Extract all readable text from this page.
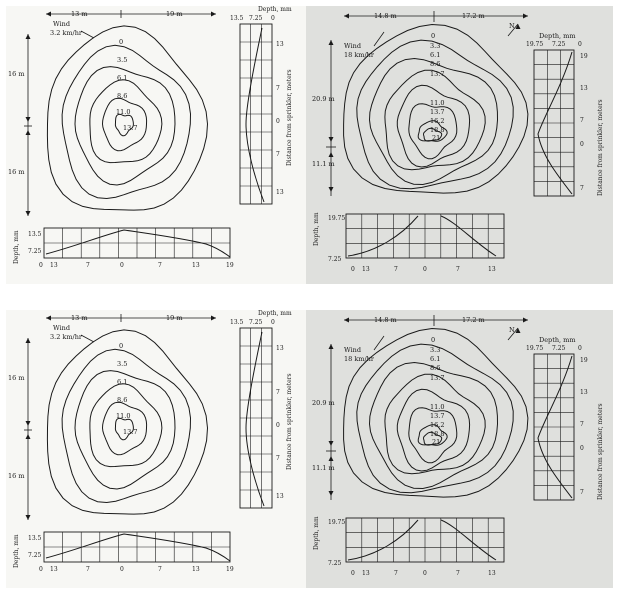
13 m	19 m
Wind
3.2 km/hr
16 m
16 m
0
3.5
6.1
8.6
11.0
13.7
13.5 7.25 0
Depth, mm
13
7
0
7
13
Distance from sprinkler, meters
Depth, mm 13.5
7.25
0 13	7	0	7	13	19
14.8 m	17.2 m
N
Wind
18 km/hr
20.9 m
11.1 m
0
3.3
6.1
8.6
13.7
11.0
13.7
16.2
18.8
21
Depth, mm
19.75 7.25 0
19
13
7
0
7 Distance from sprinkler, meters
Depth, mm 19.75
7.25
0 13	7	0	7	13
13 m	19 m
Wind
3.2 km/hr
16 m
16 m
0
3.5
6.1
8.6
11.0
13.7
13.5 7.25 0
Depth, mm
13
7
0
7
13
Distance from sprinkler, meters
Depth, mm 13.5
7.25
0 13	7	0	7	13	19
14.8 m	17.2 m
N
Wind
18 km/hr
20.9 m
11.1 m
0
3.3
6.1
8.6
13.7
11.0
13.7
16.2
18.8
21
Depth, mm
19.75 7.25 0
19
13
7
0
7 Distance from sprinkler, meters
Depth, mm 19.75
7.25
0 13	7	0	7	13
